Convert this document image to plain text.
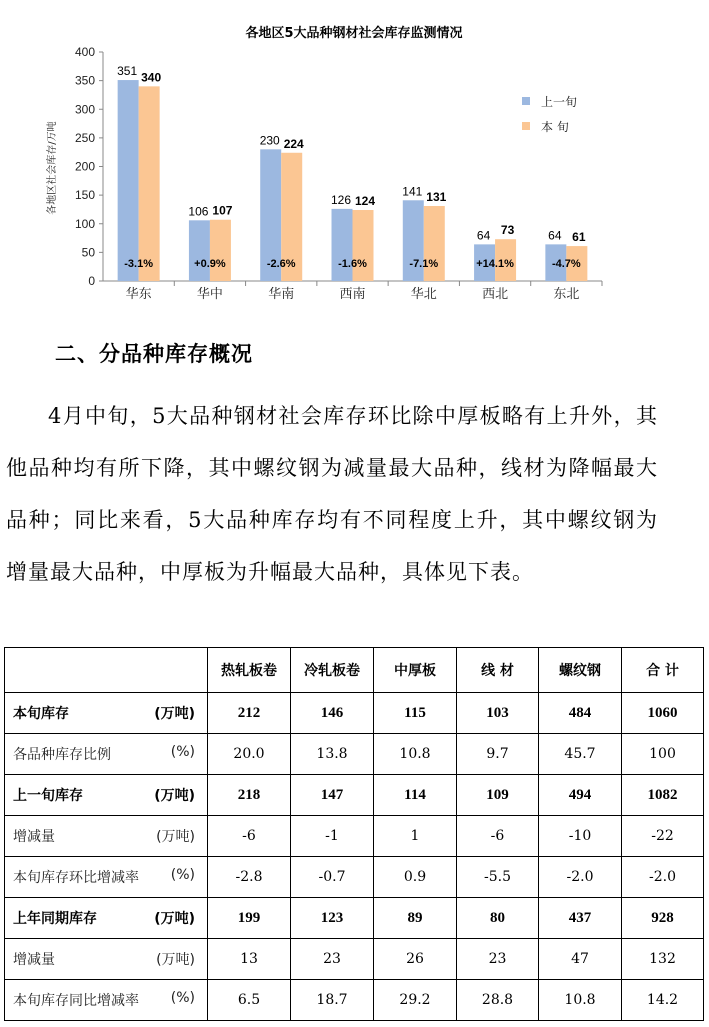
各地区5大品种钢材社会库存监测情况
0
50
100
150
200
250
300
350
400
各地区社会库存/万吨
351 340
-3.1%
华东
106 107
+0.9%
华中
230 224
-2.6%
华南
126 124
-1.6%
西南
141 131
-7.1%
华北
64 73
+14.1%
西北
64 61
-4.7%
东北
上一旬
本 旬
二、分品种库存概况

4月中旬，5大品种钢材社会库存环比除中厚板略有上升外，其他品种均有所下降，其中螺纹钢为减量最大品种，线材为降幅最大品种；同比来看，5大品种库存均有不同程度上升，其中螺纹钢为增量最大品种，中厚板为升幅最大品种，具体见下表。

	热轧板卷	冷轧板卷	中厚板	线 材	螺纹钢	合 计

本旬库存 (万吨)	212	146	115	103	484	1060

各品种库存比例 (%)	20.0	13.8	10.8	9.7	45.7	100

上一旬库存 (万吨)	218	147	114	109	494	1082

增减量 (万吨)	-6	-1	1	-6	-10	-22

本旬库存环比增减率 (%)	-2.8	-0.7	0.9	-5.5	-2.0	-2.0

上年同期库存 (万吨)	199	123	89	80	437	928

增减量 (万吨)	13	23	26	23	47	132

本旬库存同比增减率 (%)	6.5	18.7	29.2	28.8	10.8	14.2
